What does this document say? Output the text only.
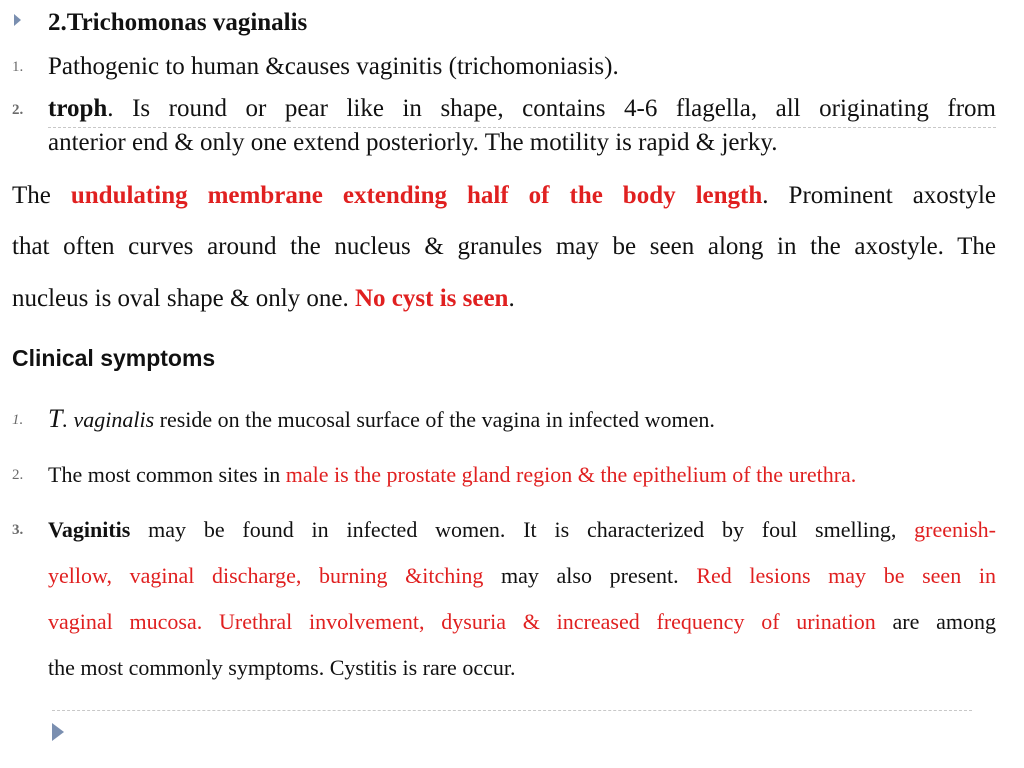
2.Trichomonas vaginalis
1. Pathogenic to human &causes vaginitis (trichomoniasis).
2. troph. Is round or pear like in shape, contains 4-6 flagella, all originating from
anterior end & only one extend posteriorly. The motility is rapid & jerky.
The undulating membrane extending half of the body length. Prominent axostyle
that often curves around the nucleus & granules may be seen along in the axostyle. The
nucleus is oval shape & only one. No cyst is seen.
Clinical symptoms
1. T. vaginalis reside on the mucosal surface of the vagina in infected women.
2. The most common sites in male is the prostate gland region & the epithelium of the urethra.
3. Vaginitis may be found in infected women. It is characterized by foul smelling, greenish-
yellow, vaginal discharge, burning &itching may also present. Red lesions may be seen in
vaginal mucosa. Urethral involvement, dysuria & increased frequency of urination are among
the most commonly symptoms. Cystitis is rare occur.
